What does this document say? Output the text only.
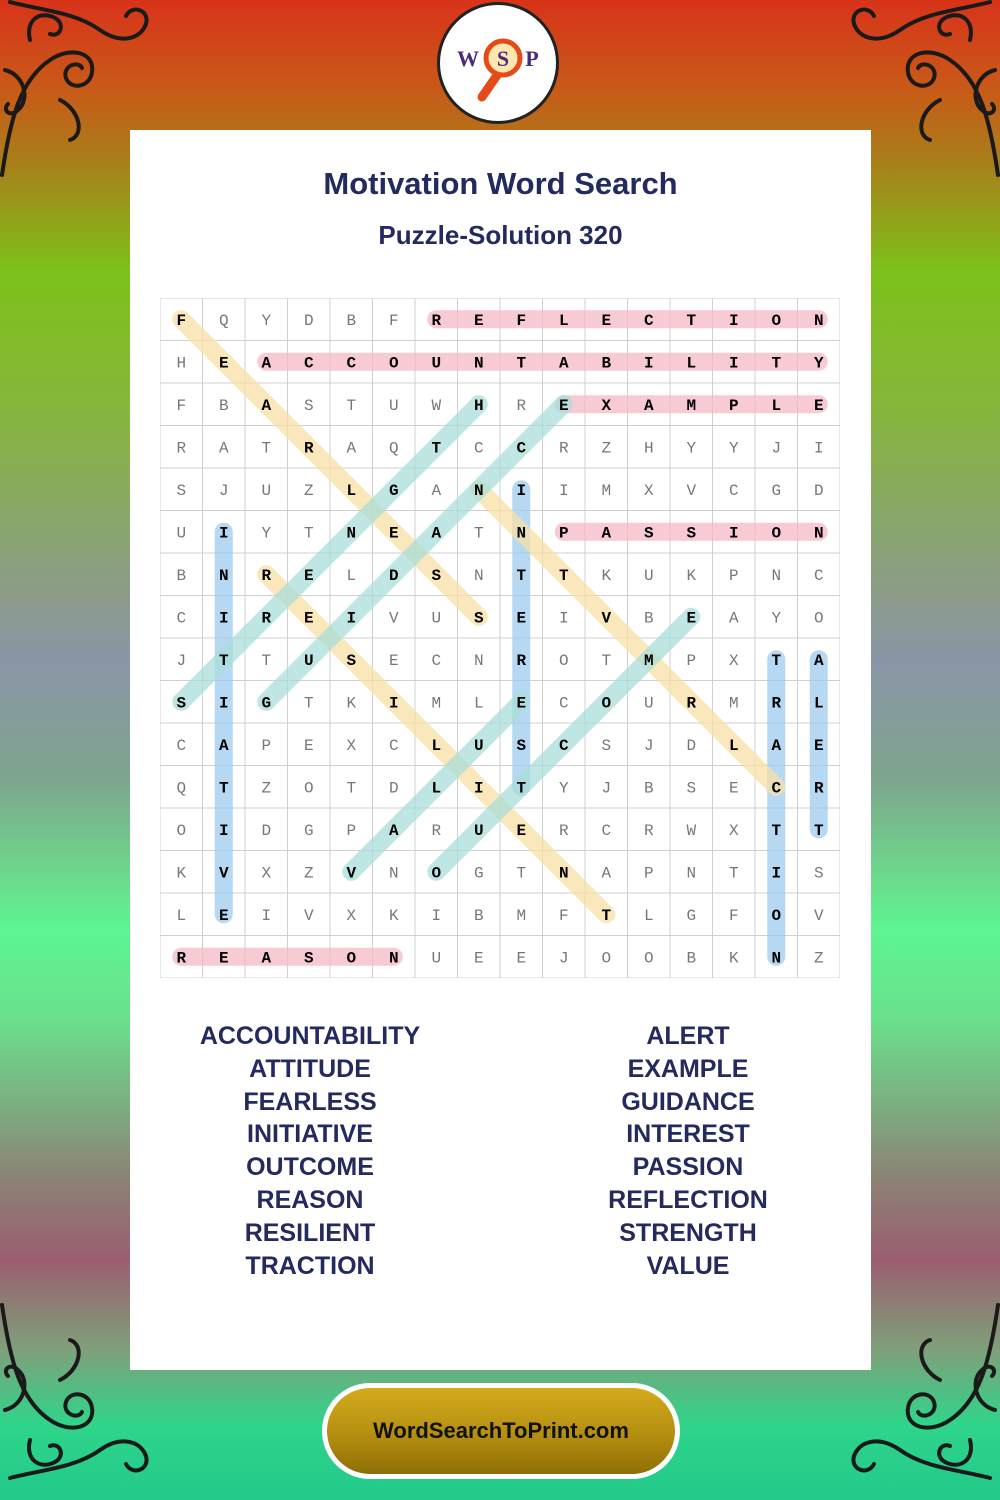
W S P
Motivation Word Search
Puzzle-Solution 320
F Q Y D B F R E F L E C T I O N
H E A C C O U N T A B I L I T Y
F B A S T U W H R E X A M P L E
R A T R A Q T C C R Z H Y Y J I
S J U Z L G A N I I M X V C G D
U I Y T N E A T N P A S S I O N
B N R E L D S N T T K U K P N C
C I R E I V U S E I V B E A Y O
J T T U S E C N R O T M P X T A
S I G T K I M L E C O U R M R L
C A P E X C L U S C S J D L A E
Q T Z O T D L I T Y J B S E C R
O I D G P A R U E R C R W X T T
K V X Z V N O G T N A P N T I S
L E I V X K I B M F T L G F O V
R E A S O N U E E J O O B K N Z
ACCOUNTABILITY
ATTITUDE
FEARLESS
INITIATIVE
OUTCOME
REASON
RESILIENT
TRACTION
ALERT
EXAMPLE
GUIDANCE
INTEREST
PASSION
REFLECTION
STRENGTH
VALUE
WordSearchToPrint.com
